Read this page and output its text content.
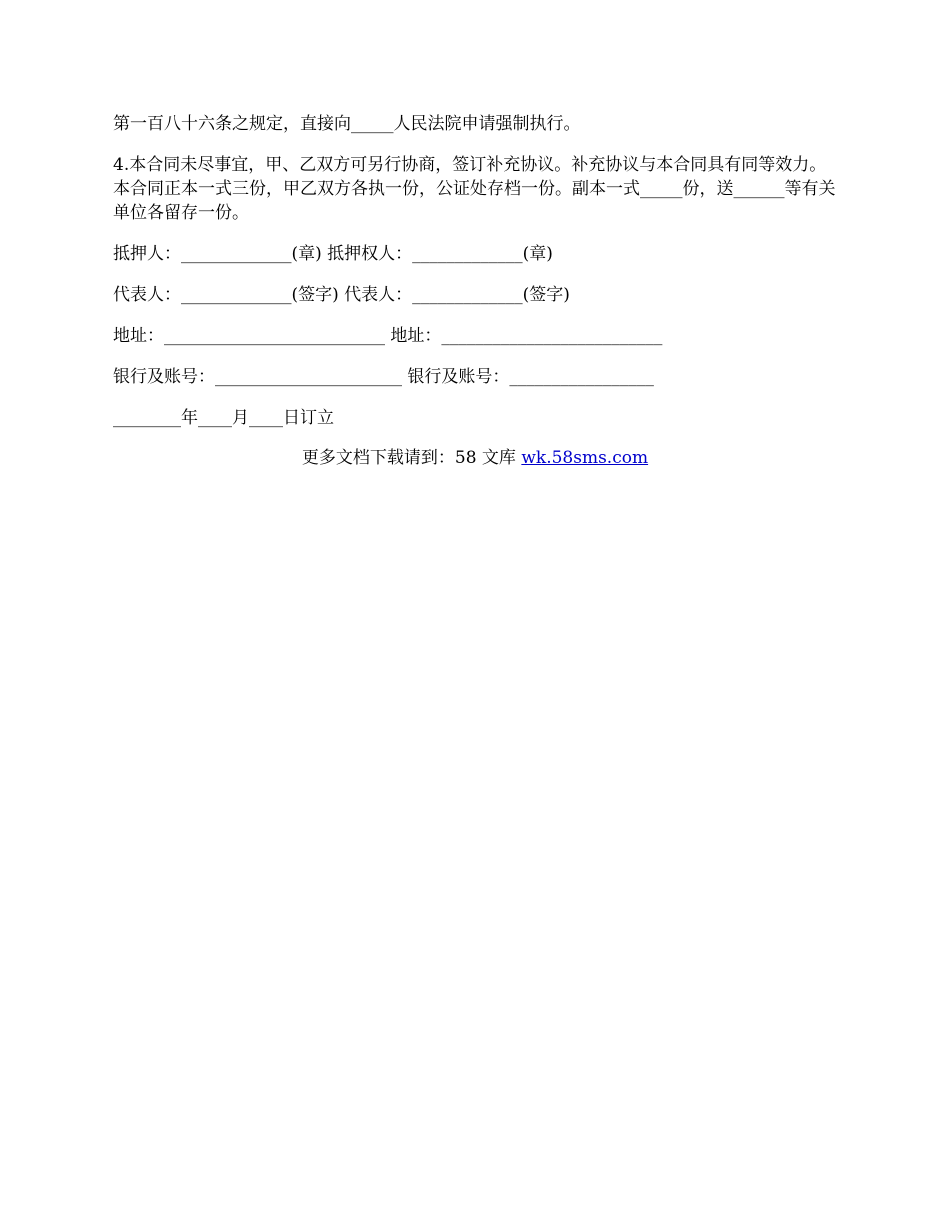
第一百八十六条之规定，直接向_____人民法院申请强制执行。

4.本合同未尽事宜，甲、乙双方可另行协商，签订补充协议。补充协议与本合同具有同等效力。　　本合同正本一式三份，甲乙双方各执一份，公证处存档一份。副本一式_____份，送______等有关单位各留存一份。

抵押人：_____________(章) 抵押权人：_____________(章)
代表人：_____________(签字) 代表人：_____________(签字)
地址：__________________________ 地址：__________________________
银行及账号：______________________ 银行及账号：_________________
________年____月____日订立
更多文档下载请到：58 文库 wk.58sms.com
